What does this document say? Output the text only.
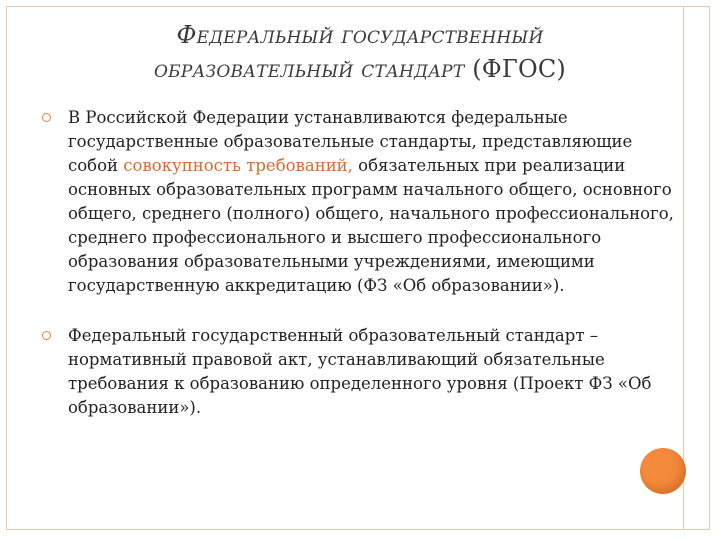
Федеральный государственный
образовательный стандарт (ФГОС)
В Российской Федерации устанавливаются федеральные государственные образовательные стандарты, представляющие собой совокупность требований, обязательных при реализации основных образовательных программ начального общего, основного общего, среднего (полного) общего, начального профессионального, среднего профессионального и высшего профессионального образования образовательными учреждениями, имеющими государственную аккредитацию (ФЗ «Об образовании»).
Федеральный государственный образовательный стандарт – нормативный правовой акт, устанавливающий обязательные требования к образованию определенного уровня (Проект ФЗ «Об образовании»).
